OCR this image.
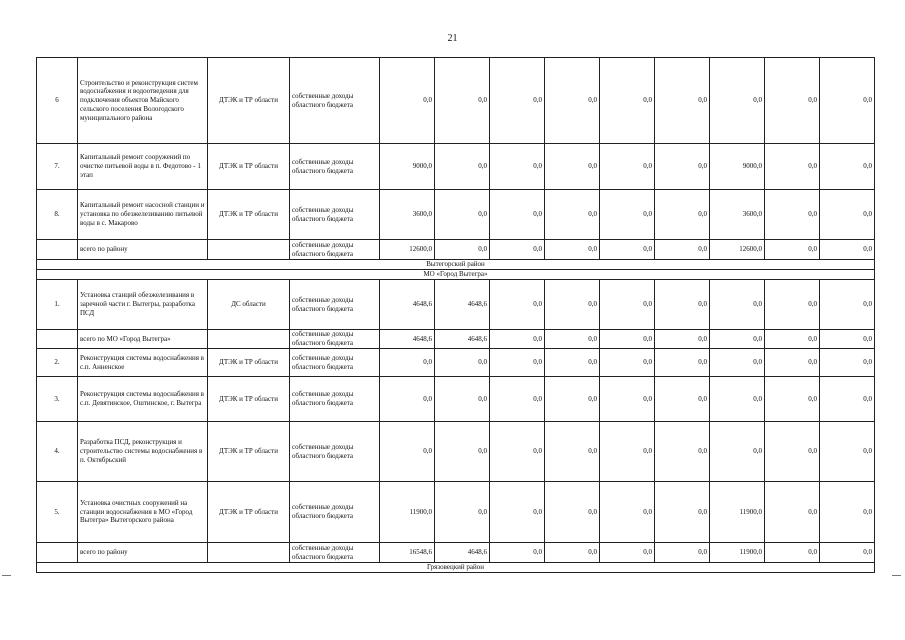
21
6	Строительство и реконструкция систем водоснабжения и водоотведения для подключения объектов Майского сельского поселения Вологодского муниципального района	ДТЭК и ТР области	собственные доходы областного бюджета	0,0	0,0	0,0	0,0	0,0	0,0	0,0	0,0	0,0
7.	Капитальный ремонт сооружений по очистке питьевой воды в п. Федотово - 1 этап	ДТЭК и ТР области	собственные доходы областного бюджета	9000,0	0,0	0,0	0,0	0,0	0,0	9000,0	0,0	0,0
8.	Капитальный ремонт насосной станции и установка по обезжелезиванию питьевой воды в с. Макарово	ДТЭК и ТР области	собственные доходы областного бюджета	3600,0	0,0	0,0	0,0	0,0	0,0	3600,0	0,0	0,0
	всего по району		собственные доходы областного бюджета	12600,0	0,0	0,0	0,0	0,0	0,0	12600,0	0,0	0,0
Вытегорский район												
МО «Город Вытегра»												
1.	Установка станций обезжелезивания в заречной части г. Вытегры, разработка ПСД	ДС области	собственные доходы областного бюджета	4648,6	4648,6	0,0	0,0	0,0	0,0	0,0	0,0	0,0
	всего по МО «Город Вытегра»		собственные доходы областного бюджета	4648,6	4648,6	0,0	0,0	0,0	0,0	0,0	0,0	0,0
2.	Реконструкция системы водоснабжения в с.п. Анненское	ДТЭК и ТР области	собственные доходы областного бюджета	0,0	0,0	0,0	0,0	0,0	0,0	0,0	0,0	0,0
3.	Реконструкция системы водоснабжения в с.п. Девятинское, Оштинское, г. Вытегра	ДТЭК и ТР области	собственные доходы областного бюджета	0,0	0,0	0,0	0,0	0,0	0,0	0,0	0,0	0,0
4.	Разработка ПСД, реконструкция и строительство системы водоснабжения в п. Октябрьский	ДТЭК и ТР области	собственные доходы областного бюджета	0,0	0,0	0,0	0,0	0,0	0,0	0,0	0,0	0,0
5.	Установка очистных сооружений на станции водоснабжения в МО «Город Вытегра» Вытегорского района	ДТЭК и ТР области	собственные доходы областного бюджета	11900,0	0,0	0,0	0,0	0,0	0,0	11900,0	0,0	0,0
	всего по району		собственные доходы областного бюджета	16548,6	4648,6	0,0	0,0	0,0	0,0	11900,0	0,0	0,0
Грязовецкий район												
